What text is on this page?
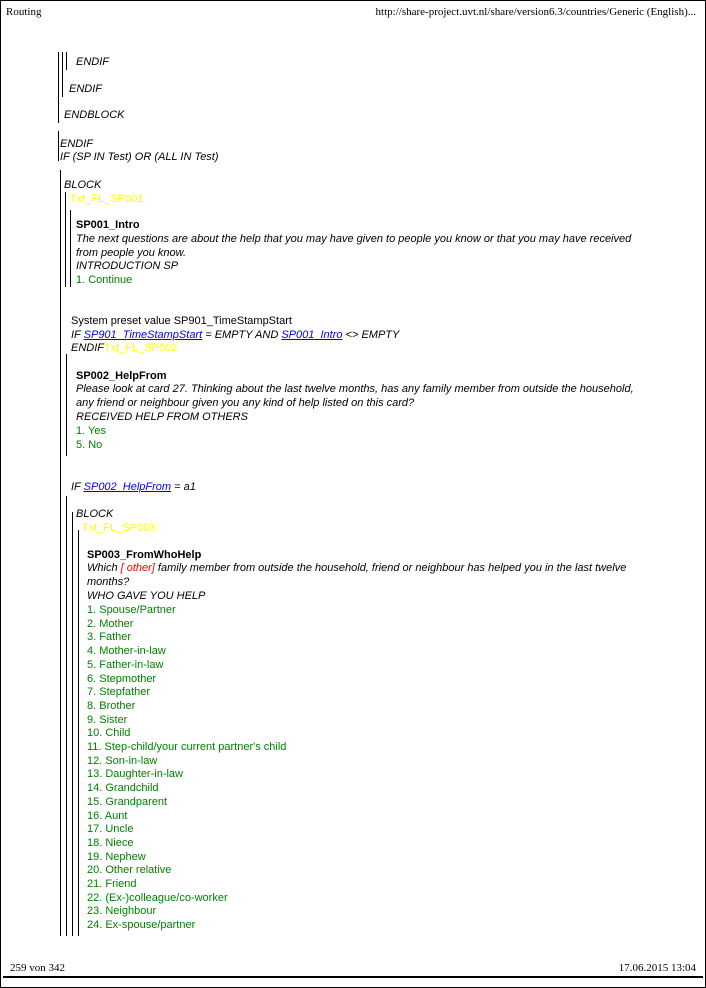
Routing	http://share-project.uvt.nl/share/version6.3/countries/Generic (English)...
ENDIF
ENDIF
ENDBLOCK
ENDIF
IF (SP IN Test) OR (ALL IN Test)
BLOCK
Txt_FL_SP001
SP001_Intro
The next questions are about the help that you may have given to people you know or that you may have received from people you know.
INTRODUCTION SP
1. Continue
System preset value SP901_TimeStampStart
IF SP901_TimeStampStart = EMPTY AND SP001_Intro <> EMPTY
ENDIFTxt_FL_SP002
SP002_HelpFrom
Please look at card 27. Thinking about the last twelve months, has any family member from outside the household, any friend or neighbour given you any kind of help listed on this card?
RECEIVED HELP FROM OTHERS
1. Yes
5. No
IF SP002_HelpFrom = a1
BLOCK
Txt_FL_SP003
SP003_FromWhoHelp
Which [ other] family member from outside the household, friend or neighbour has helped you in the last twelve months?
WHO GAVE YOU HELP
1. Spouse/Partner
2. Mother
3. Father
4. Mother-in-law
5. Father-in-law
6. Stepmother
7. Stepfather
8. Brother
9. Sister
10. Child
11. Step-child/your current partner's child
12. Son-in-law
13. Daughter-in-law
14. Grandchild
15. Grandparent
16. Aunt
17. Uncle
18. Niece
19. Nephew
20. Other relative
21. Friend
22. (Ex-)colleague/co-worker
23. Neighbour
24. Ex-spouse/partner
259 von 342	17.06.2015 13:04
